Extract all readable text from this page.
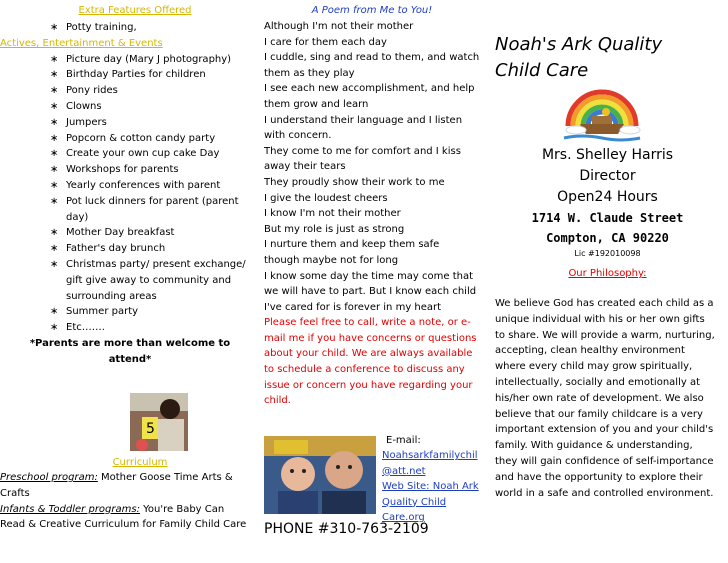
Extra Features Offered
∗ Potty training,
Actives, Entertainment & Events
∗ Picture day (Mary J photography)
∗ Birthday Parties for children
∗ Pony rides
∗ Clowns
∗ Jumpers
∗ Popcorn & cotton candy party
∗ Create your own cup cake Day
∗ Workshops for parents
∗ Yearly conferences with parent
∗ Pot luck dinners for parent (parent day)
∗ Mother Day breakfast
∗ Father's day brunch
∗ Christmas party/ present exchange/ gift give away to community and surrounding areas
∗ Summer party
∗ Etc…….
*Parents are more than welcome to attend*
5
Curriculum
Preschool program: Mother Goose Time Arts & Crafts
Infants & Toddler programs: You're Baby Can Read & Creative Curriculum for Family Child Care
A Poem from Me to You!

Although I'm not their mother
I care for them each day
I cuddle, sing and read to them, and watch them as they play
I see each new accomplishment, and help them grow and learn
I understand their language and I listen with concern.
They come to me for comfort and I kiss away their tears
They proudly show their work to me
I give the loudest cheers
I know I'm not their mother
But my role is just as strong
I nurture them and keep them safe
though maybe not for long
I know some day the time may come that we will have to part. But I know each child I've cared for is forever in my heart

Please feel free to call, write a note, or e-mail me if you have concerns or questions about your child. We are always available to schedule a conference to discuss any issue or concern you have regarding your child.

E-mail:
Noahsarkfamilychil@att.net
Web Site: Noah Ark Quality Child Care.org
PHONE #310-763-2109
Noah's Ark Quality Child Care
Mrs. Shelley Harris
Director
Open24 Hours
1714 W. Claude Street
Compton, CA 90220
Lic #192010098
Our Philosophy:
We believe God has created each child as a unique individual with his or her own gifts to share. We will provide a warm, nurturing, accepting, clean healthy environment where every child may grow spiritually, intellectually, socially and emotionally at his/her own rate of development. We also believe that our family childcare is a very important extension of you and your child's family. With guidance & understanding, they will gain confidence of self-importance and have the opportunity to explore their world in a safe and controlled environment.
